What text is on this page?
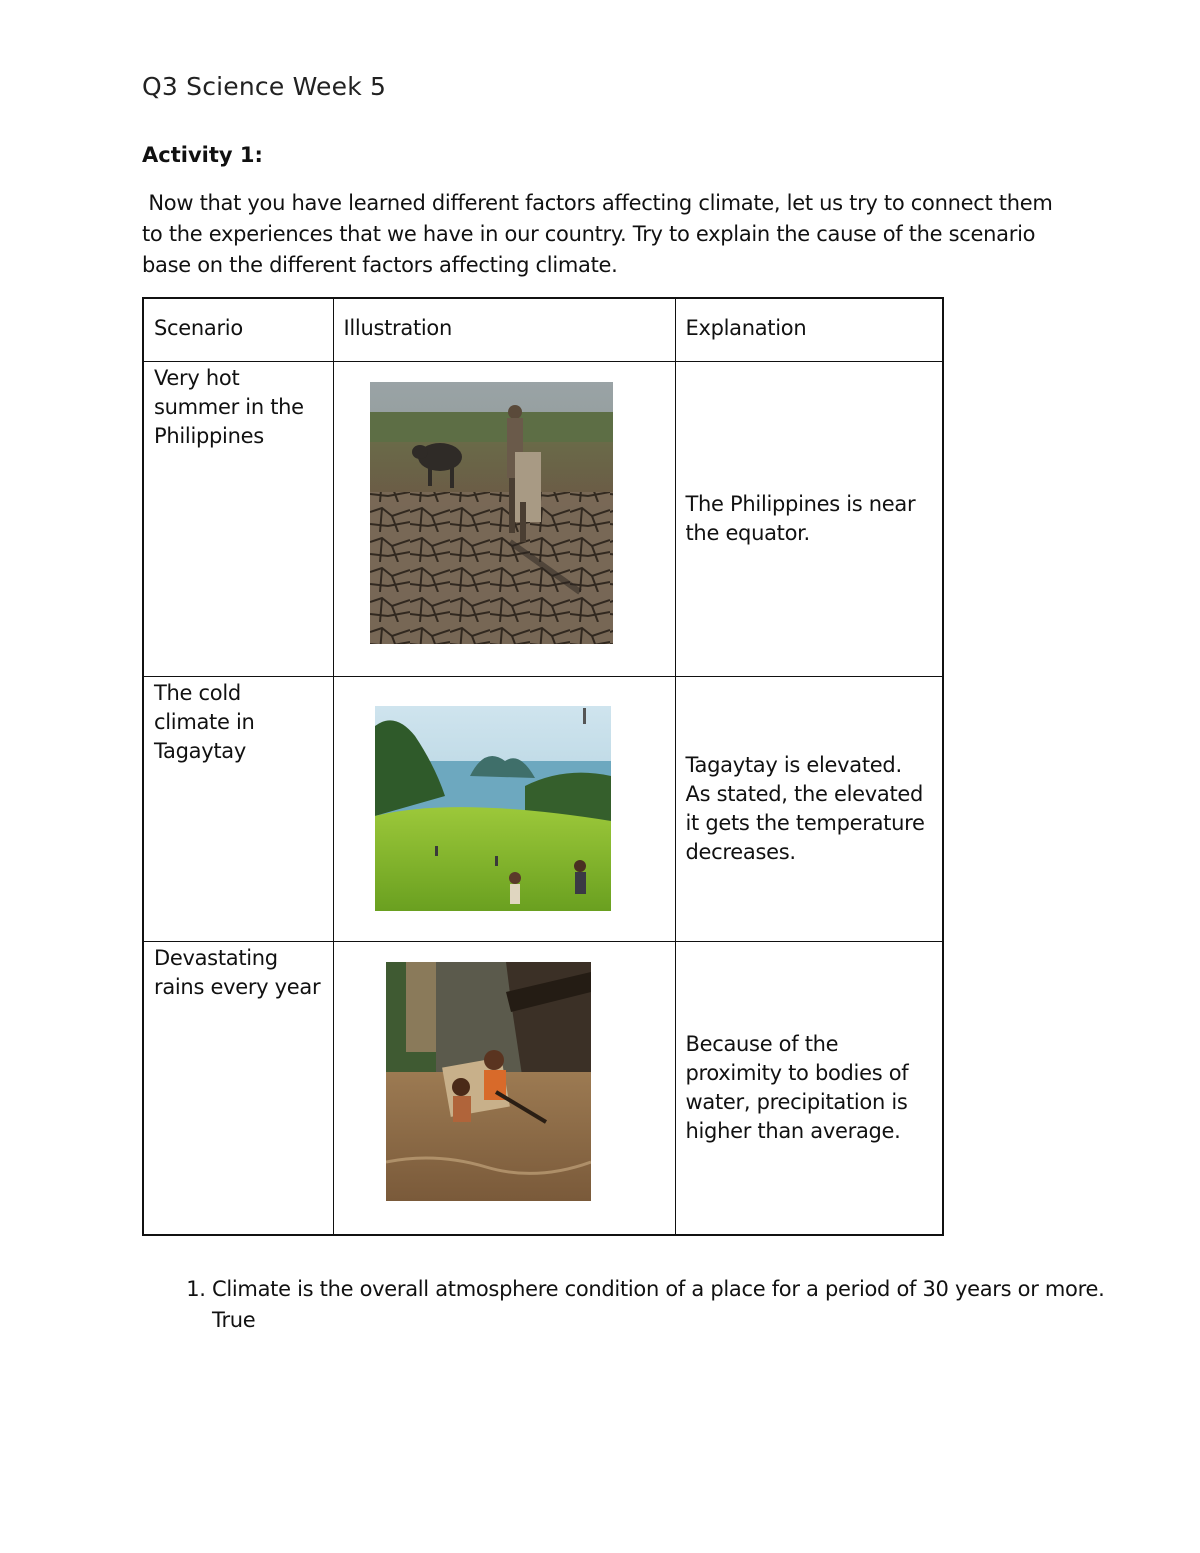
Q3 Science Week 5
Activity 1:
Now that you have learned different factors affecting climate, let us try to connect them to the experiences that we have in our country. Try to explain the cause of the scenario base on the different factors affecting climate.
Scenario	Illustration	Explanation
Very hot summer in the Philippines		The Philippines is near the equator.
The cold climate in Tagaytay		Tagaytay is elevated. As stated, the elevated it gets the temperature decreases.
Devastating rains every year		Because of the proximity to bodies of water, precipitation is higher than average.
1. Climate is the overall atmosphere condition of a place for a period of 30 years or more.
True
